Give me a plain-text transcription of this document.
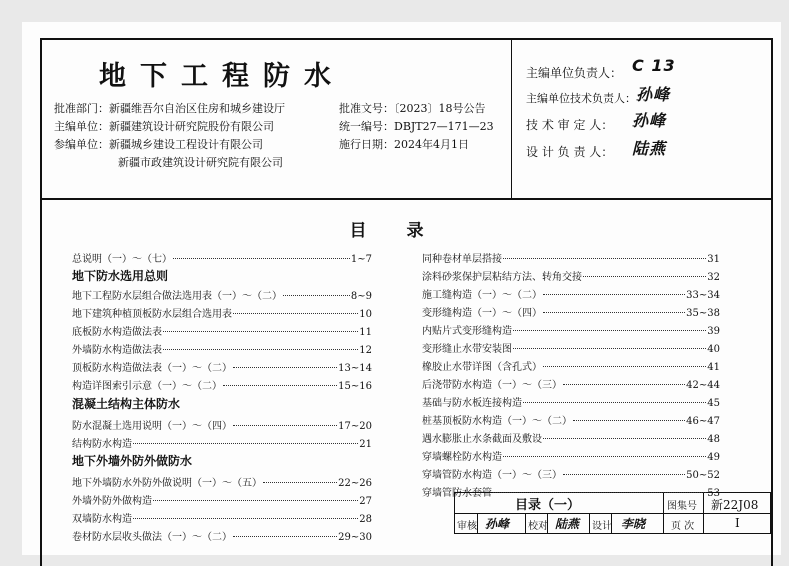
地下工程防水
批准部门：新疆维吾尔自治区住房和城乡建设厅
主编单位：新疆建筑设计研究院股份有限公司
参编单位：新疆城乡建设工程设计有限公司
新疆市政建筑设计研究院有限公司
批准文号：〔2023〕18号公告
统一编号：DBJT27—171—23
施行日期：2024年4月1日
主编单位负责人： C 13
主编单位技术负责人： 孙峰
技 术 审 定 人： 孙峰
设 计 负 责 人： 陆燕
目录
目录（一）	图集号 新22J08
审核 孙峰 校对 陆燕 设计 李晓	页 次	I
总说明（一）～（七）	1~7
地下防水选用总则
地下工程防水层组合做法选用表（一）～（二）	8~9
地下建筑种植顶板防水层组合选用表	10
底板防水构造做法表	11
外墙防水构造做法表	12
顶板防水构造做法表（一）～（二）	13~14
构造详图索引示意（一）～（二）	15~16
混凝土结构主体防水
防水混凝土选用说明（一）～（四）	17~20
结构防水构造	21
地下外墙外防外做防水
地下外墙防水外防外做说明（一）～（五）	22~26
外墙外防外做构造	27
双墙防水构造	28
卷材防水层收头做法（一）～（二）	29~30
同种卷材单层搭接	31
涂料砂浆保护层粘结方法、转角交接	32
施工缝构造（一）～（二）	33~34
变形缝构造（一）～（四）	35~38
内贴片式变形缝构造	39
变形缝止水带安装图	40
橡胶止水带详图（含孔式）	41
后浇带防水构造（一）～（三）	42~44
基础与防水板连接构造	45
桩基顶板防水构造（一）～（二）	46~47
遇水膨胀止水条截面及敷设	48
穿墙螺栓防水构造	49
穿墙管防水构造（一）～（三）	50~52
穿墙管防水套管	53
